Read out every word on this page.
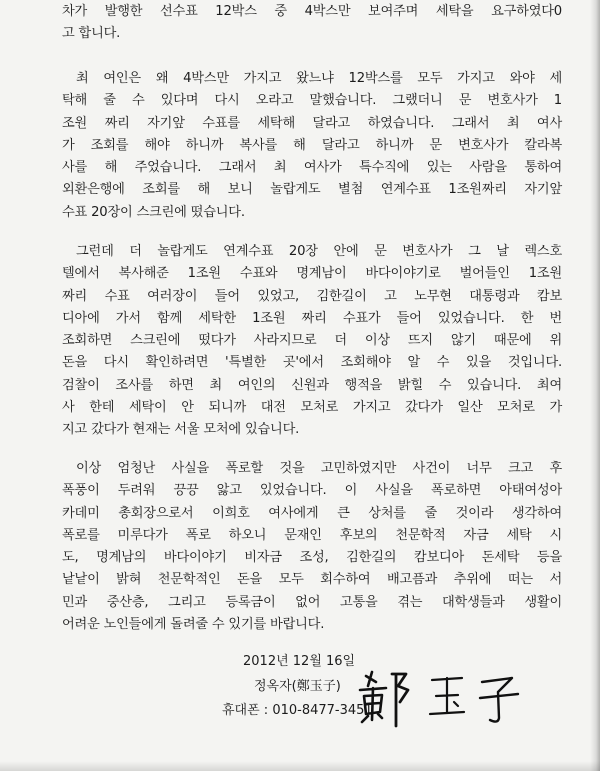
차가 발행한 선수표 12박스 중 4박스만 보여주며 세탁을 요구하였다0
고 합니다.
최 여인은 왜 4박스만 가지고 왔느냐 12박스를 모두 가지고 와야 세
탁해 줄 수 있다며 다시 오라고 말했습니다. 그랬더니 문 변호사가 1
조원 짜리 자기앞 수표를 세탁해 달라고 하였습니다. 그래서 최 여사
가 조회를 해야 하니까 복사를 해 달라고 하니까 문 변호사가 칼라복
사를 해 주었습니다. 그래서 최 여사가 특수직에 있는 사람을 통하여
외환은행에 조회를 해 보니 놀랍게도 별첨 연계수표 1조원짜리 자기앞
수표 20장이 스크린에 떴습니다.
그런데 더 놀랍게도 연계수표 20장 안에 문 변호사가 그 날 렉스호
텔에서 복사해준 1조원 수표와 명계남이 바다이야기로 벌어들인 1조원
짜리 수표 여러장이 들어 있었고, 김한길이 고 노무현 대통령과 캄보
디아에 가서 함께 세탁한 1조원 짜리 수표가 들어 있었습니다. 한 번
조회하면 스크린에 떴다가 사라지므로 더 이상 뜨지 않기 때문에 위
돈을 다시 확인하려면 '특별한 곳'에서 조회해야 알 수 있을 것입니다.
검찰이 조사를 하면 최 여인의 신원과 행적을 밝힐 수 있습니다. 최여
사 한테 세탁이 안 되니까 대전 모처로 가지고 갔다가 일산 모처로 가
지고 갔다가 현재는 서울 모처에 있습니다.
이상 엄청난 사실을 폭로할 것을 고민하였지만 사건이 너무 크고 후
폭풍이 두려워 끙끙 앓고 있었습니다. 이 사실을 폭로하면 아태여성아
카데미 총회장으로서 이희호 여사에게 큰 상처를 줄 것이라 생각하여
폭로를 미루다가 폭로 하오니 문재인 후보의 천문학적 자금 세탁 시
도, 명계남의 바다이야기 비자금 조성, 김한길의 캄보디아 돈세탁 등을
낱낱이 밝혀 천문학적인 돈을 모두 회수하여 배고픔과 추위에 떠는 서
민과 중산층, 그리고 등록금이 없어 고통을 겪는 대학생들과 생활이
어려운 노인들에게 돌려줄 수 있기를 바랍니다.
2012년 12월 16일
정옥자(鄭玉子)
휴대폰 : 010-8477-3451
